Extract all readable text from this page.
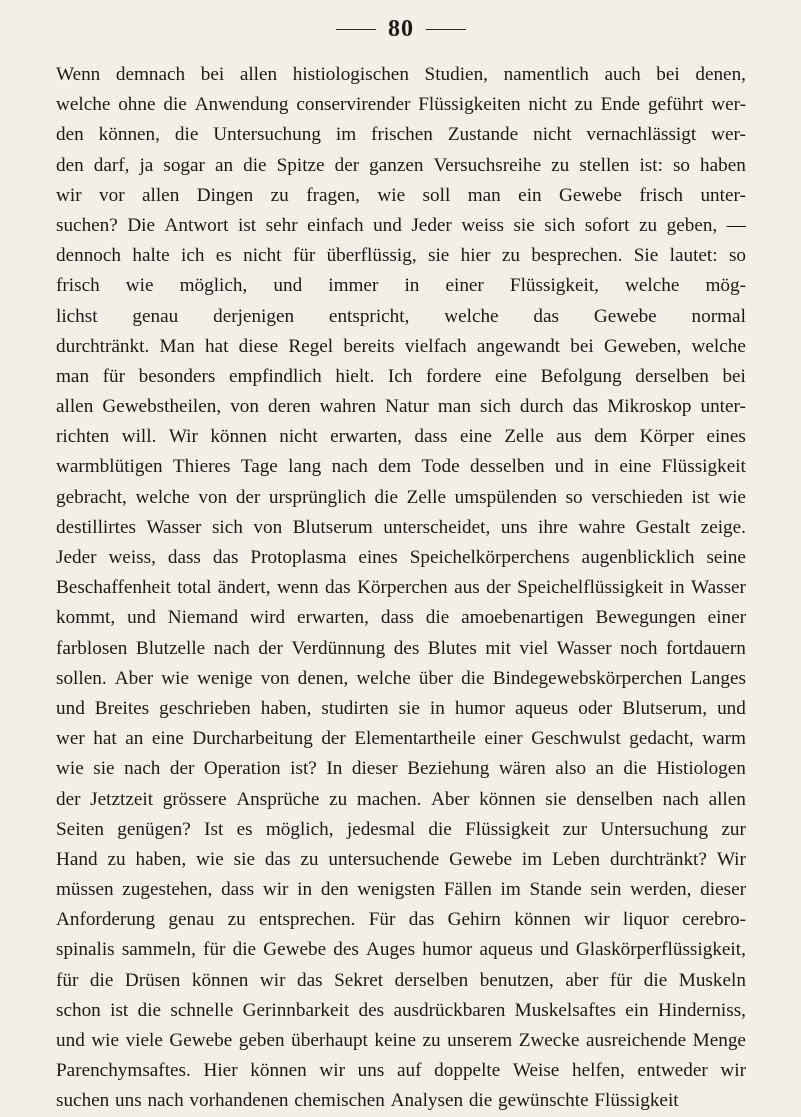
80
Wenn demnach bei allen histiologischen Studien, namentlich auch bei denen,
welche ohne die Anwendung conservirender Flüssigkeiten nicht zu Ende geführt wer-
den können, die Untersuchung im frischen Zustande nicht vernachlässigt wer-
den darf, ja sogar an die Spitze der ganzen Versuchsreihe zu stellen ist: so haben
wir vor allen Dingen zu fragen, wie soll man ein Gewebe frisch unter-
suchen? Die Antwort ist sehr einfach und Jeder weiss sie sich sofort zu geben, —
dennoch halte ich es nicht für überflüssig, sie hier zu besprechen. Sie lautet: so
frisch wie möglich, und immer in einer Flüssigkeit, welche mög-
lichst genau derjenigen entspricht, welche das Gewebe normal
durchtränkt. Man hat diese Regel bereits vielfach angewandt bei Geweben, welche
man für besonders empfindlich hielt. Ich fordere eine Befolgung derselben bei
allen Gewebstheilen, von deren wahren Natur man sich durch das Mikroskop unter-
richten will. Wir können nicht erwarten, dass eine Zelle aus dem Körper eines
warmblütigen Thieres Tage lang nach dem Tode desselben und in eine Flüssigkeit
gebracht, welche von der ursprünglich die Zelle umspülenden so verschieden ist wie
destillirtes Wasser sich von Blutserum unterscheidet, uns ihre wahre Gestalt zeige.
Jeder weiss, dass das Protoplasma eines Speichelkörperchens augenblicklich seine
Beschaffenheit total ändert, wenn das Körperchen aus der Speichelflüssigkeit in Wasser
kommt, und Niemand wird erwarten, dass die amoebenartigen Bewegungen einer
farblosen Blutzelle nach der Verdünnung des Blutes mit viel Wasser noch fortdauern
sollen. Aber wie wenige von denen, welche über die Bindegewebskörperchen Langes
und Breites geschrieben haben, studirten sie in humor aqueus oder Blutserum, und
wer hat an eine Durcharbeitung der Elementartheile einer Geschwulst gedacht, warm
wie sie nach der Operation ist? In dieser Beziehung wären also an die Histiologen
der Jetztzeit grössere Ansprüche zu machen. Aber können sie denselben nach allen
Seiten genügen? Ist es möglich, jedesmal die Flüssigkeit zur Untersuchung zur
Hand zu haben, wie sie das zu untersuchende Gewebe im Leben durchtränkt? Wir
müssen zugestehen, dass wir in den wenigsten Fällen im Stande sein werden, dieser
Anforderung genau zu entsprechen. Für das Gehirn können wir liquor cerebro-
spinalis sammeln, für die Gewebe des Auges humor aqueus und Glaskörperflüssigkeit,
für die Drüsen können wir das Sekret derselben benutzen, aber für die Muskeln
schon ist die schnelle Gerinnbarkeit des ausdrückbaren Muskelsaftes ein Hinderniss,
und wie viele Gewebe geben überhaupt keine zu unserem Zwecke ausreichende Menge
Parenchymsaftes. Hier können wir uns auf doppelte Weise helfen, entweder wir
suchen uns nach vorhandenen chemischen Analysen die gewünschte Flüssigkeit
